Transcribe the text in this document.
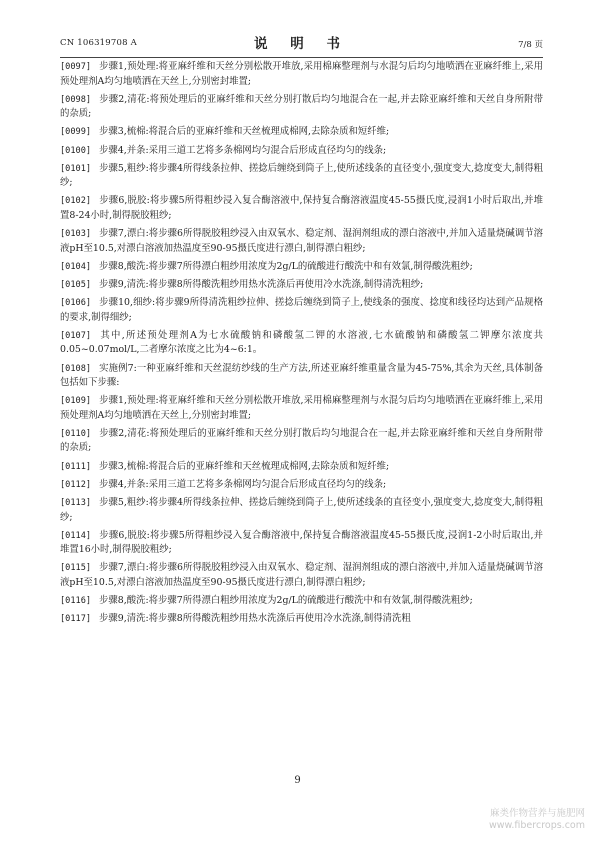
CN 106319708 A	说 明 书	7/8 页

[0097] 步骤1,预处理:将亚麻纤维和天丝分别松散开堆放,采用棉麻整理剂与水混匀后均匀地喷洒在亚麻纤维上,采用预处理剂A均匀地喷洒在天丝上,分别密封堆置;

[0098] 步骤2,清花:将预处理后的亚麻纤维和天丝分别打散后均匀地混合在一起,并去除亚麻纤维和天丝自身所附带的杂质;

[0099] 步骤3,梳棉:将混合后的亚麻纤维和天丝梳理成棉网,去除杂质和短纤维;

[0100] 步骤4,并条:采用三道工艺将多条棉网均匀混合后形成直径均匀的线条;

[0101] 步骤5,粗纱:将步骤4所得线条拉伸、搓捻后缠绕到筒子上,使所述线条的直径变小,强度变大,捻度变大,制得粗纱;

[0102] 步骤6,脱胶:将步骤5所得粗纱浸入复合酶溶液中,保持复合酶溶液温度45-55摄氏度,浸润1小时后取出,并堆置8-24小时,制得脱胶粗纱;

[0103] 步骤7,漂白:将步骤6所得脱胶粗纱浸入由双氧水、稳定剂、湿润剂组成的漂白溶液中,并加入适量烧碱调节溶液pH至10.5,对漂白溶液加热温度至90-95摄氏度进行漂白,制得漂白粗纱;

[0104] 步骤8,酸洗:将步骤7所得漂白粗纱用浓度为2g/L的硫酸进行酸洗中和有效氯,制得酸洗粗纱;

[0105] 步骤9,清洗:将步骤8所得酸洗粗纱用热水洗涤后再使用冷水洗涤,制得清洗粗纱;

[0106] 步骤10,细纱:将步骤9所得清洗粗纱拉伸、搓捻后缠绕到筒子上,使线条的强度、捻度和线径均达到产品规格的要求,制得细纱;

[0107] 其中,所述预处理剂A为七水硫酸钠和磷酸氢二钾的水溶液,七水硫酸钠和磷酸氢二钾摩尔浓度共0.05~0.07mol/L,二者摩尔浓度之比为4~6:1。

[0108] 实施例7:一种亚麻纤维和天丝混纺纱线的生产方法,所述亚麻纤维重量含量为45-75%,其余为天丝,具体制备包括如下步骤:

[0109] 步骤1,预处理:将亚麻纤维和天丝分别松散开堆放,采用棉麻整理剂与水混匀后均匀地喷洒在亚麻纤维上,采用预处理剂A均匀地喷洒在天丝上,分别密封堆置;

[0110] 步骤2,清花:将预处理后的亚麻纤维和天丝分别打散后均匀地混合在一起,并去除亚麻纤维和天丝自身所附带的杂质;

[0111] 步骤3,梳棉:将混合后的亚麻纤维和天丝梳理成棉网,去除杂质和短纤维;

[0112] 步骤4,并条:采用三道工艺将多条棉网均匀混合后形成直径均匀的线条;

[0113] 步骤5,粗纱:将步骤4所得线条拉伸、搓捻后缠绕到筒子上,使所述线条的直径变小,强度变大,捻度变大,制得粗纱;

[0114] 步骤6,脱胶:将步骤5所得粗纱浸入复合酶溶液中,保持复合酶溶液温度45-55摄氏度,浸润1-2小时后取出,并堆置16小时,制得脱胶粗纱;

[0115] 步骤7,漂白:将步骤6所得脱胶粗纱浸入由双氧水、稳定剂、湿润剂组成的漂白溶液中,并加入适量烧碱调节溶液pH至10.5,对漂白溶液加热温度至90-95摄氏度进行漂白,制得漂白粗纱;

[0116] 步骤8,酸洗:将步骤7所得漂白粗纱用浓度为2g/L的硫酸进行酸洗中和有效氯,制得酸洗粗纱;

[0117] 步骤9,清洗:将步骤8所得酸洗粗纱用热水洗涤后再使用冷水洗涤,制得清洗粗

9
麻类作物营养与施肥网
www.fibercrops.com
